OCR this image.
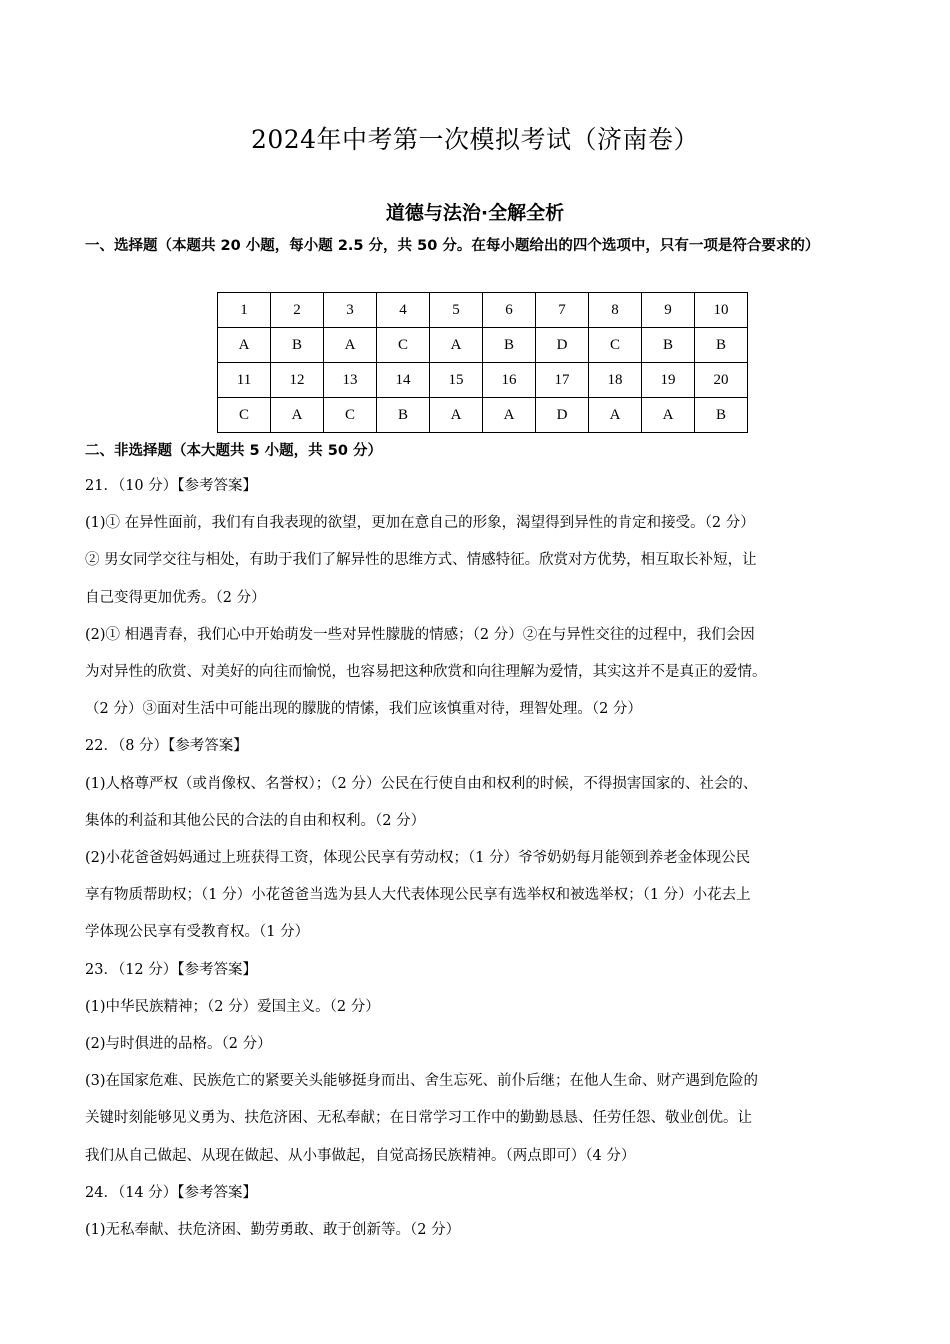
2024年中考第一次模拟考试（济南卷）
道德与法治·全解全析
一、选择题（本题共 20 小题，每小题 2.5 分，共 50 分。在每小题给出的四个选项中，只有一项是符合要求的）
1	2	3	4	5	6	7	8	9	10
A	B	A	C	A	B	D	C	B	B
11	12	13	14	15	16	17	18	19	20
C	A	C	B	A	A	D	A	A	B

二、非选择题（本大题共 5 小题，共 50 分）

21．（10 分）【参考答案】

(1)① 在异性面前，我们有自我表现的欲望，更加在意自己的形象，渴望得到异性的肯定和接受。（2 分）

② 男女同学交往与相处，有助于我们了解异性的思维方式、情感特征。欣赏对方优势，相互取长补短，让

自己变得更加优秀。（2 分）

(2)① 相遇青春，我们心中开始萌发一些对异性朦胧的情感；（2 分）②在与异性交往的过程中，我们会因

为对异性的欣赏、对美好的向往而愉悦，也容易把这种欣赏和向往理解为爱情，其实这并不是真正的爱情。

（2 分）③面对生活中可能出现的朦胧的情愫，我们应该慎重对待，理智处理。（2 分）

22．（8 分）【参考答案】

(1)人格尊严权（或肖像权、名誉权）；（2 分）公民在行使自由和权利的时候，不得损害国家的、社会的、

集体的利益和其他公民的合法的自由和权利。（2 分）

(2)小花爸爸妈妈通过上班获得工资，体现公民享有劳动权；（1 分）爷爷奶奶每月能领到养老金体现公民

享有物质帮助权；（1 分）小花爸爸当选为县人大代表体现公民享有选举权和被选举权；（1 分）小花去上

学体现公民享有受教育权。（1 分）

23．（12 分）【参考答案】

(1)中华民族精神；（2 分）爱国主义。（2 分）

(2)与时俱进的品格。（2 分）

(3)在国家危难、民族危亡的紧要关头能够挺身而出、舍生忘死、前仆后继；在他人生命、财产遇到危险的

关键时刻能够见义勇为、扶危济困、无私奉献；在日常学习工作中的勤勤恳恳、任劳任怨、敬业创优。让

我们从自己做起、从现在做起、从小事做起，自觉高扬民族精神。（两点即可）（4 分）

24．（14 分）【参考答案】

(1)无私奉献、扶危济困、勤劳勇敢、敢于创新等。（2 分）
